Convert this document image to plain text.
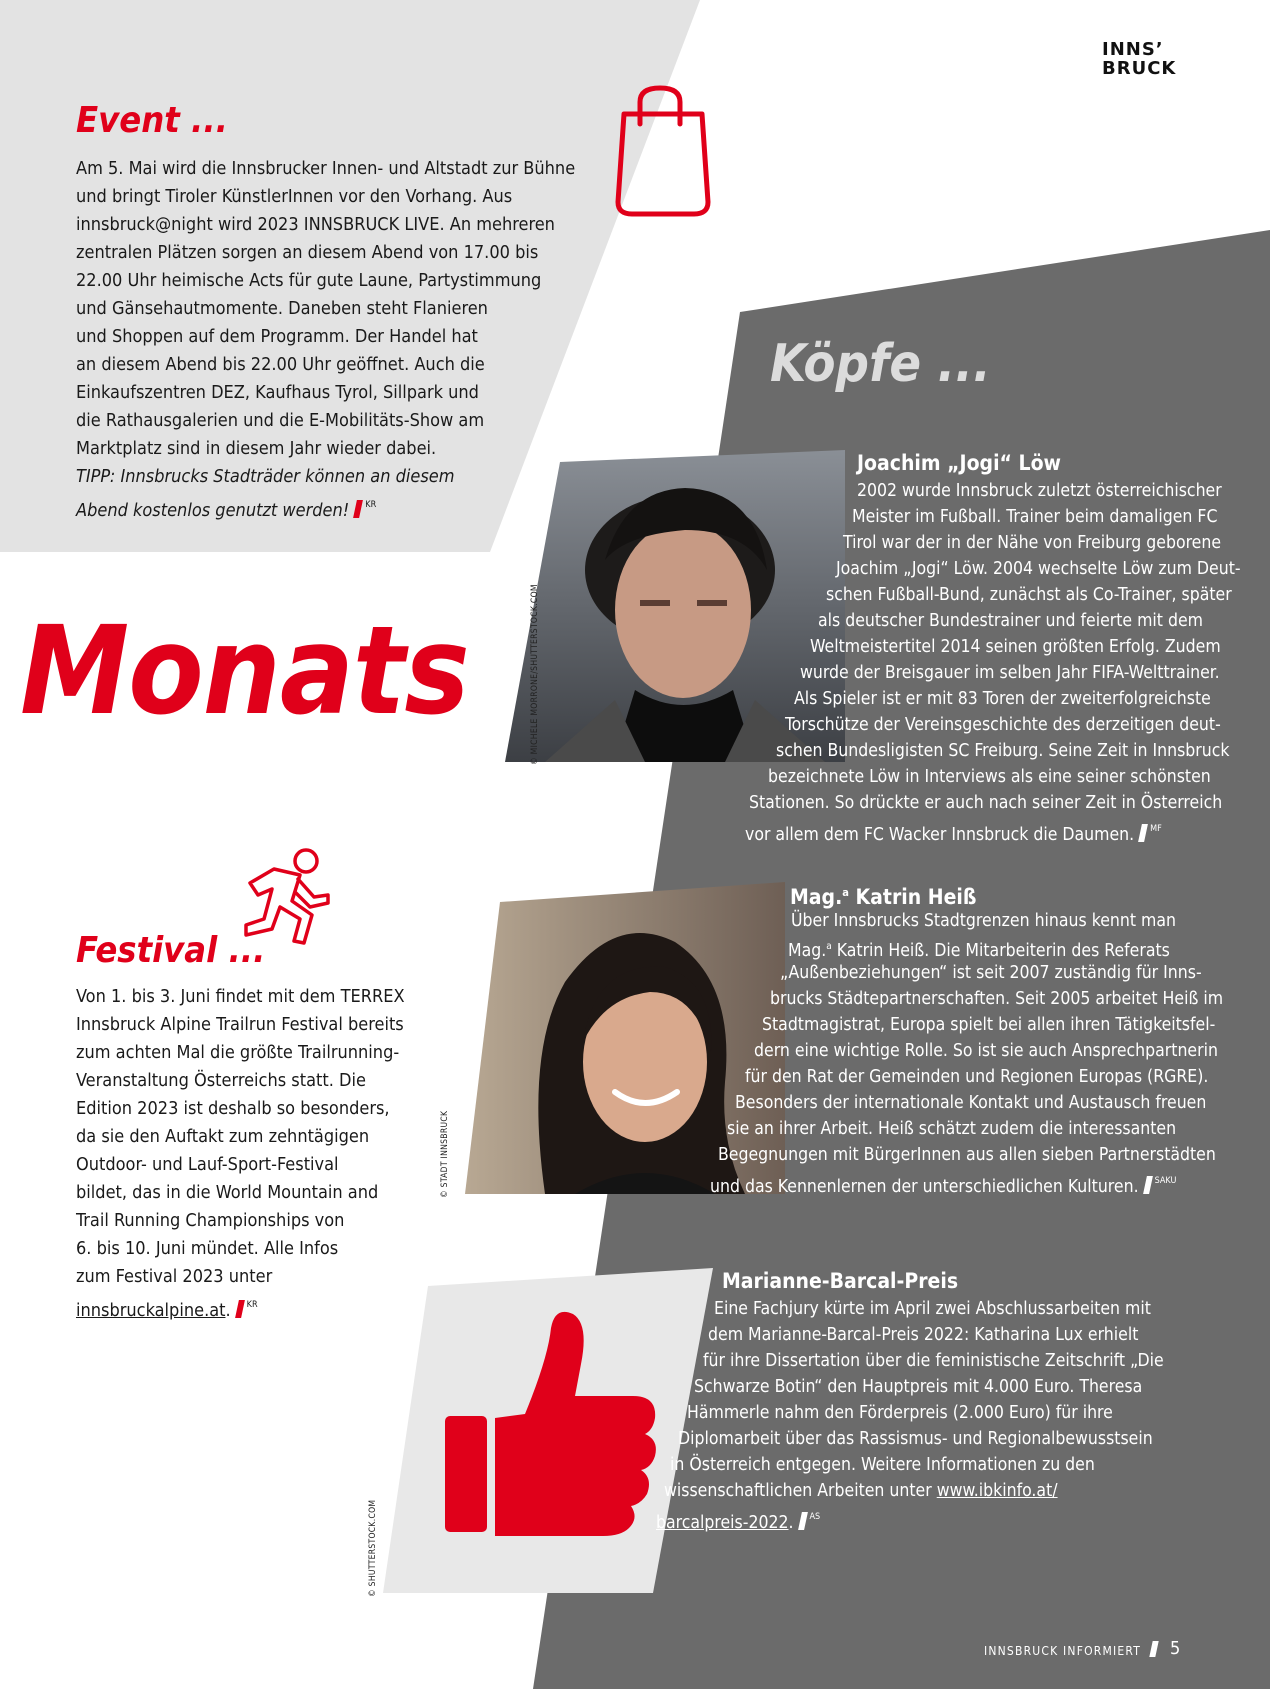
INNS’
BRUCK
Event ...
Am 5. Mai wird die Innsbrucker Innen- und Altstadt zur Bühne
und bringt Tiroler KünstlerInnen vor den Vorhang. Aus
innsbruck@night wird 2023 INNSBRUCK LIVE. An mehreren
zentralen Plätzen sorgen an diesem Abend von 17.00 bis
22.00 Uhr heimische Acts für gute Laune, Partystimmung
und Gänsehautmomente. Daneben steht Flanieren
und Shoppen auf dem Programm. Der Handel hat
an diesem Abend bis 22.00 Uhr geöffnet. Auch die
Einkaufszentren DEZ, Kaufhaus Tyrol, Sillpark und
die Rathausgalerien und die E-Mobilitäts-Show am
Marktplatz sind in diesem Jahr wieder dabei.
TIPP: Innsbrucks Stadträder können an diesem
Abend kostenlos genutzt werden! $^{KR}$
Monats
Festival ...
Von 1. bis 3. Juni findet mit dem TERREX
Innsbruck Alpine Trailrun Festival bereits
zum achten Mal die größte Trailrunning-
Veranstaltung Österreichs statt. Die
Edition 2023 ist deshalb so besonders,
da sie den Auftakt zum zehntägigen
Outdoor- und Lauf-Sport-Festival
bildet, das in die World Mountain and
Trail Running Championships von
6. bis 10. Juni mündet. Alle Infos
zum Festival 2023 unter
innsbruckalpine.at. $^{KR}$
Köpfe ...
© MICHELE MORRONE/SHUTTERSTOCK.COM
Joachim „Jogi“ Löw
2002 wurde Innsbruck zuletzt österreichischer
Meister im Fußball. Trainer beim damaligen FC
Tirol war der in der Nähe von Freiburg geborene
Joachim „Jogi“ Löw. 2004 wechselte Löw zum Deut-
schen Fußball-Bund, zunächst als Co-Trainer, später
als deutscher Bundestrainer und feierte mit dem
Weltmeistertitel 2014 seinen größten Erfolg. Zudem
wurde der Breisgauer im selben Jahr FIFA-Welttrainer.
Als Spieler ist er mit 83 Toren der zweiterfolgreichste
Torschütze der Vereinsgeschichte des derzeitigen deut-
schen Bundesligisten SC Freiburg. Seine Zeit in Innsbruck
bezeichnete Löw in Interviews als eine seiner schönsten
Stationen. So drückte er auch nach seiner Zeit in Österreich
vor allem dem FC Wacker Innsbruck die Daumen. $^{MF}$
© STADT INNSBRUCK
Mag.$^a$ Katrin Heiß
Über Innsbrucks Stadtgrenzen hinaus kennt man
Mag.$^a$ Katrin Heiß. Die Mitarbeiterin des Referats
„Außenbeziehungen“ ist seit 2007 zuständig für Inns-
brucks Städtepartnerschaften. Seit 2005 arbeitet Heiß im
Stadtmagistrat, Europa spielt bei allen ihren Tätigkeitsfel-
dern eine wichtige Rolle. So ist sie auch Ansprechpartnerin
für den Rat der Gemeinden und Regionen Europas (RGRE).
Besonders der internationale Kontakt und Austausch freuen
sie an ihrer Arbeit. Heiß schätzt zudem die interessanten
Begegnungen mit BürgerInnen aus allen sieben Partnerstädten
und das Kennenlernen der unterschiedlichen Kulturen. $^{SAKU}$
© SHUTTERSTOCK.COM
Marianne-Barcal-Preis
Eine Fachjury kürte im April zwei Abschlussarbeiten mit
dem Marianne-Barcal-Preis 2022: Katharina Lux erhielt
für ihre Dissertation über die feministische Zeitschrift „Die
Schwarze Botin“ den Hauptpreis mit 4.000 Euro. Theresa
Hämmerle nahm den Förderpreis (2.000 Euro) für ihre
Diplomarbeit über das Rassismus- und Regionalbewusstsein
in Österreich entgegen. Weitere Informationen zu den
wissenschaftlichen Arbeiten unter www.ibkinfo.at/
barcalpreis-2022. $^{AS}$
INNSBRUCK INFORMIERT	5
